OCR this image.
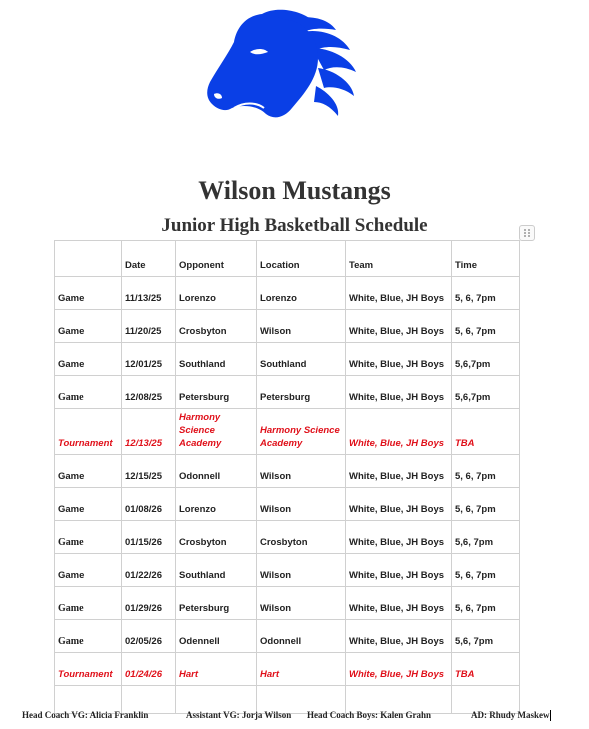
Wilson Mustangs
Junior High Basketball Schedule
	Date	Opponent	Location	Team	Time
Game	11/13/25	Lorenzo	Lorenzo	White, Blue, JH Boys	5, 6, 7pm
Game	11/20/25	Crosbyton	Wilson	White, Blue, JH Boys	5, 6, 7pm
Game	12/01/25	Southland	Southland	White, Blue, JH Boys	5,6,7pm
Game	12/08/25	Petersburg	Petersburg	White, Blue, JH Boys	5,6,7pm
Tournament	12/13/25	Harmony Science Academy	Harmony Science Academy	White, Blue, JH Boys	TBA
Game	12/15/25	Odonnell	Wilson	White, Blue, JH Boys	5, 6, 7pm
Game	01/08/26	Lorenzo	Wilson	White, Blue, JH Boys	5, 6, 7pm
Game	01/15/26	Crosbyton	Crosbyton	White, Blue, JH Boys	5,6, 7pm
Game	01/22/26	Southland	Wilson	White, Blue, JH Boys	5, 6, 7pm
Game	01/29/26	Petersburg	Wilson	White, Blue, JH Boys	5, 6, 7pm
Game	02/05/26	Odennell	Odonnell	White, Blue, JH Boys	5,6, 7pm
Tournament	01/24/26	Hart	Hart	White, Blue, JH Boys	TBA

Head Coach VG: Alicia Franklin	Assistant VG: Jorja Wilson Head Coach Boys: Kalen Grahn	AD: Rhudy Maskew
